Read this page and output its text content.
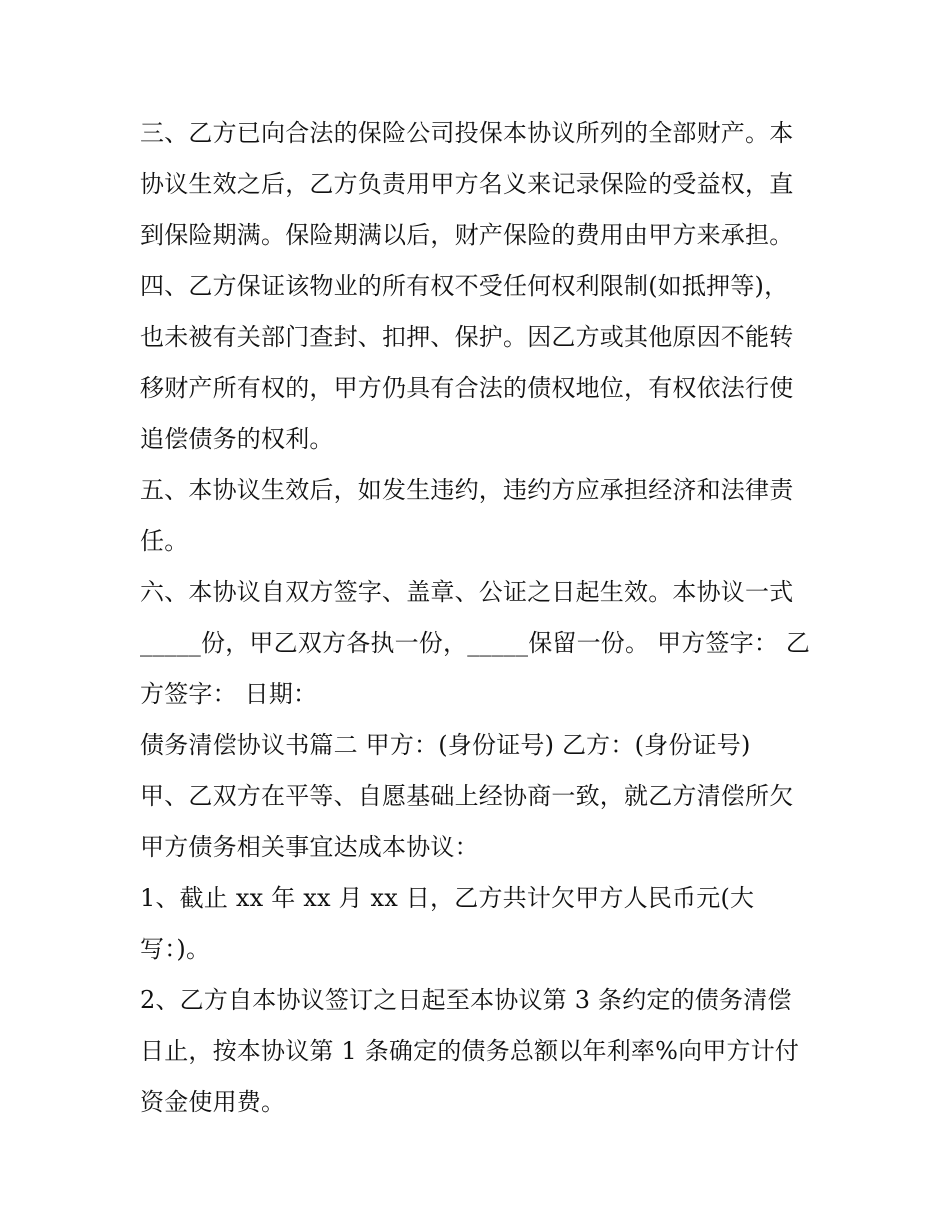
三、乙方已向合法的保险公司投保本协议所列的全部财产。本
协议生效之后，乙方负责用甲方名义来记录保险的受益权，直
到保险期满。保险期满以后，财产保险的费用由甲方来承担。
四、乙方保证该物业的所有权不受任何权利限制(如抵押等)，
也未被有关部门查封、扣押、保护。因乙方或其他原因不能转
移财产所有权的，甲方仍具有合法的债权地位，有权依法行使
追偿债务的权利。
五、本协议生效后，如发生违约，违约方应承担经济和法律责
任。
六、本协议自双方签字、盖章、公证之日起生效。本协议一式
_____份，甲乙双方各执一份，_____保留一份。 甲方签字： 乙
方签字： 日期：
债务清偿协议书篇二 甲方：(身份证号) 乙方：(身份证号)
甲、乙双方在平等、自愿基础上经协商一致，就乙方清偿所欠
甲方债务相关事宜达成本协议：
1、截止 xx 年 xx 月 xx 日，乙方共计欠甲方人民币元(大
写：)。
2、乙方自本协议签订之日起至本协议第 3 条约定的债务清偿
日止，按本协议第 1 条确定的债务总额以年利率%向甲方计付
资金使用费。
